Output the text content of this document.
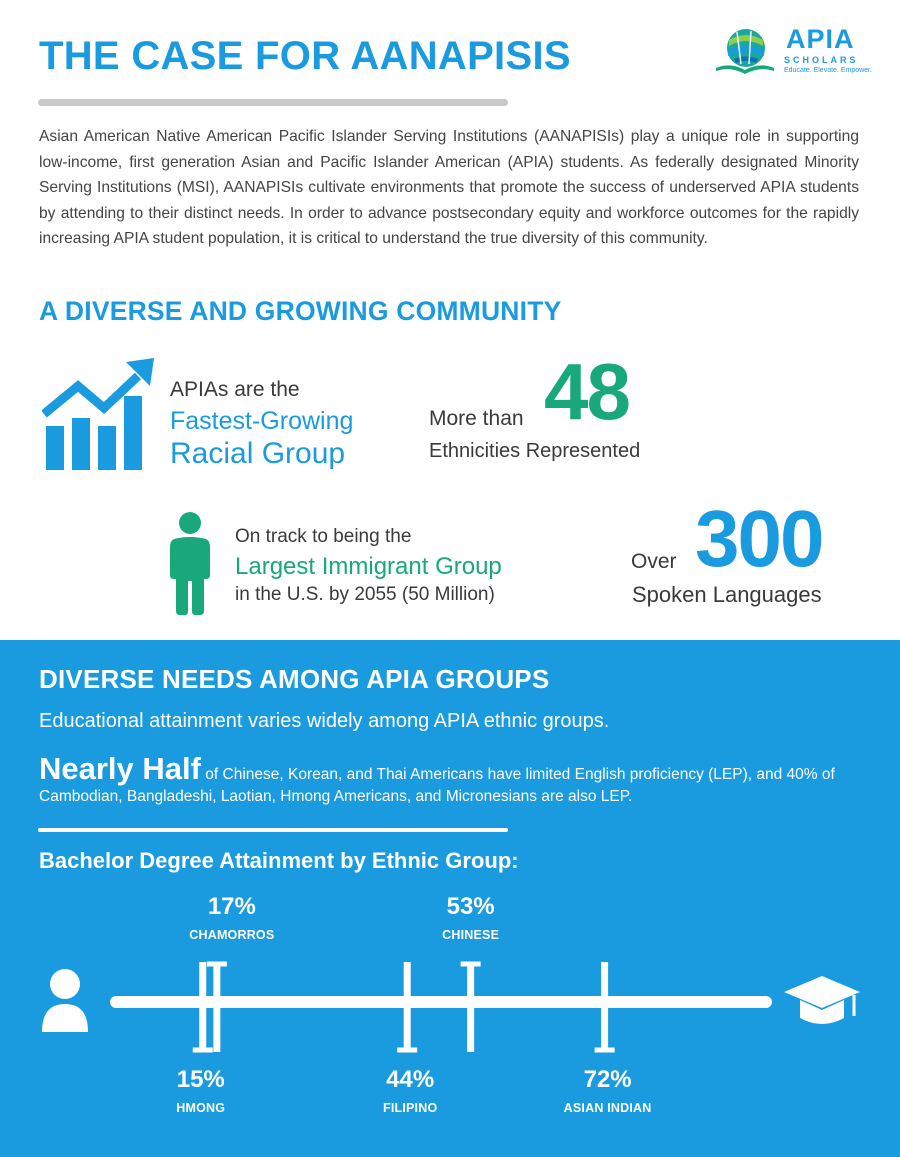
THE CASE FOR AANAPISIS	APIA
SCHOLARS
Educate. Elevate. Empower.

Asian American Native American Pacific Islander Serving Institutions (AANAPISIs) play a unique role in supporting low-income, first generation Asian and Pacific Islander American (APIA) students. As federally designated Minority Serving Institutions (MSI), AANAPISIs cultivate environments that promote the success of underserved APIA students by attending to their distinct needs. In order to advance postsecondary equity and workforce outcomes for the rapidly increasing APIA student population, it is critical to understand the true diversity of this community.

A DIVERSE AND GROWING COMMUNITY
APIAs are the
Fastest-Growing
Racial Group
More than 48
Ethnicities Represented
On track to being the
Largest Immigrant Group
in the U.S. by 2055 (50 Million)
Over 300
Spoken Languages
DIVERSE NEEDS AMONG APIA GROUPS
Educational attainment varies widely among APIA ethnic groups.

Nearly Half of Chinese, Korean, and Thai Americans have limited English proficiency (LEP), and 40% of Cambodian, Bangladeshi, Laotian, Hmong Americans, and Micronesians are also LEP.

Bachelor Degree Attainment by Ethnic Group:
15%
HMONG
17%
CHAMORROS
44%
FILIPINO
53%
CHINESE
72%
ASIAN INDIAN
